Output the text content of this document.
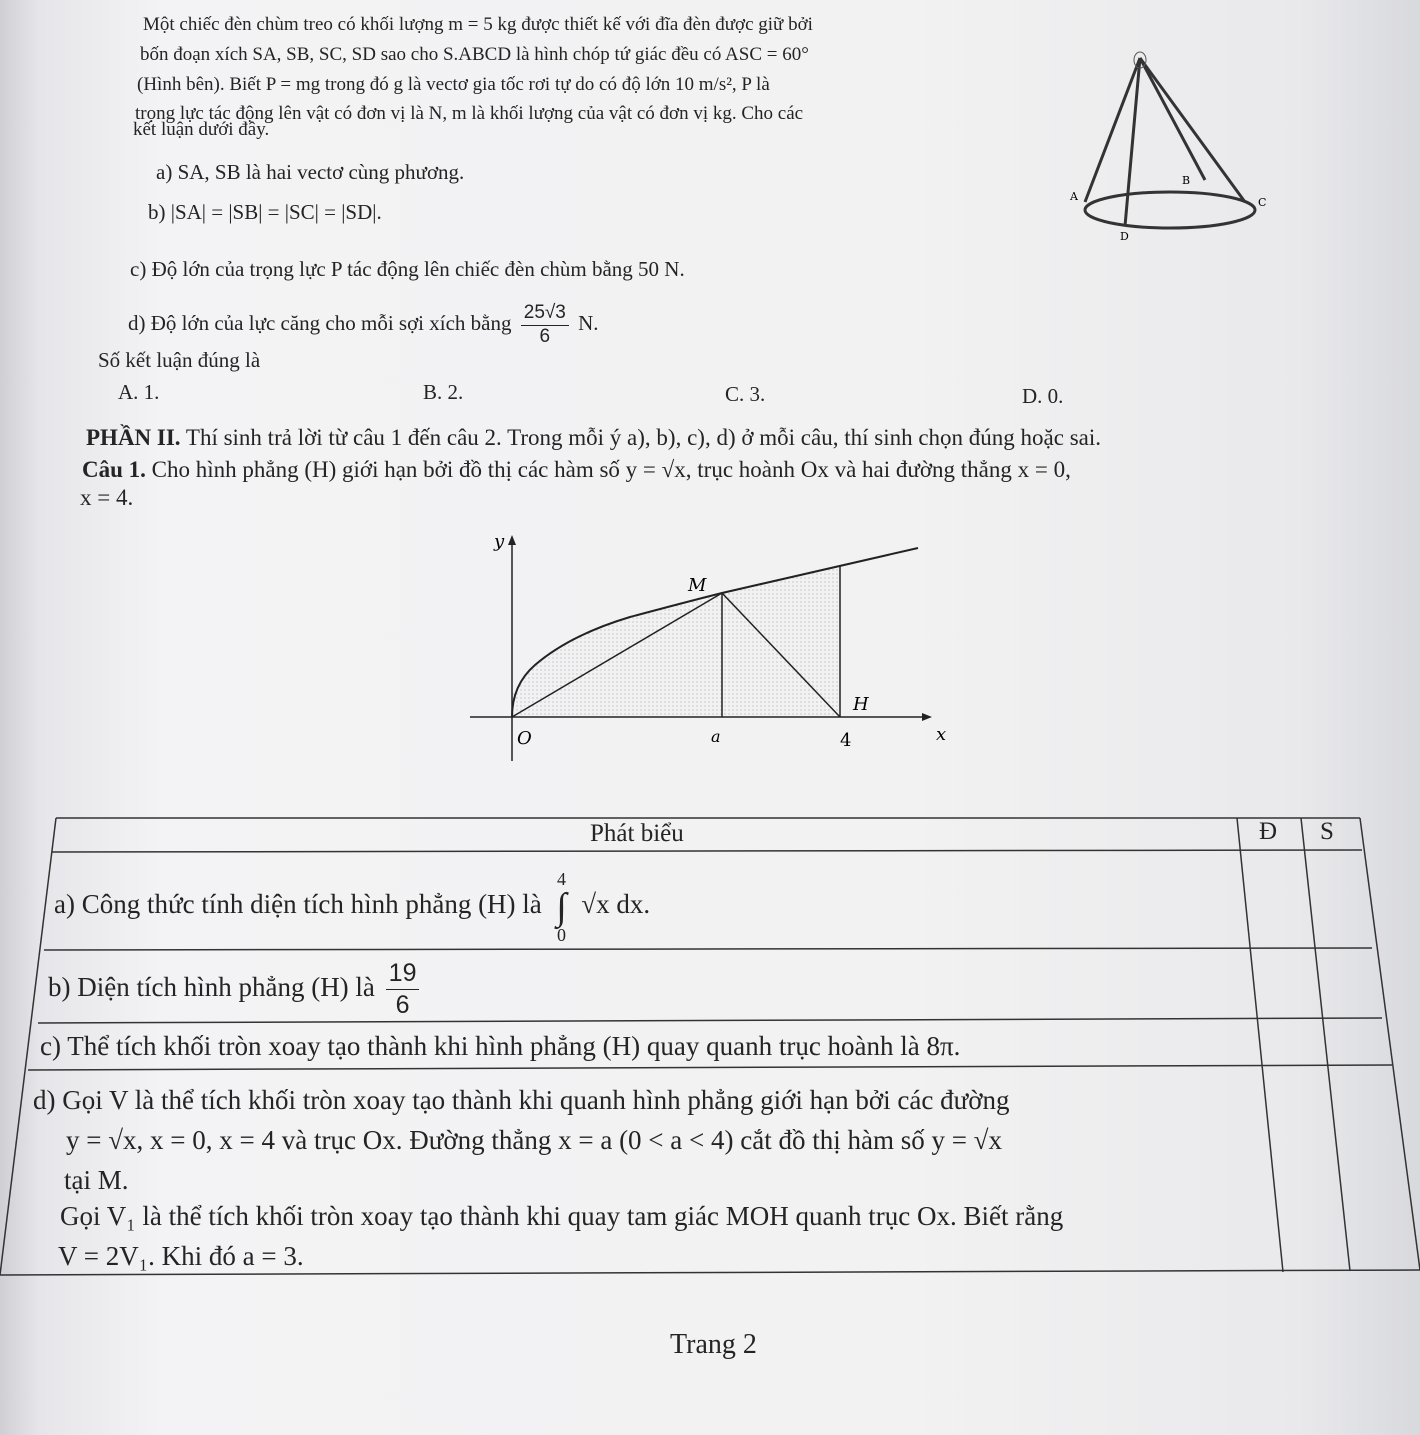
Một chiếc đèn chùm treo có khối lượng m = 5 kg được thiết kế với đĩa đèn được giữ bởi
bốn đoạn xích SA, SB, SC, SD sao cho S.ABCD là hình chóp tứ giác đều có ASC = 60°
(Hình bên). Biết P = mg trong đó g là vectơ gia tốc rơi tự do có độ lớn 10 m/s², P là
trọng lực tác động lên vật có đơn vị là N, m là khối lượng của vật có đơn vị kg. Cho các
kết luận dưới đây.
a) SA, SB là hai vectơ cùng phương.
b) |SA| = |SB| = |SC| = |SD|.
c) Độ lớn của trọng lực P tác động lên chiếc đèn chùm bằng 50 N.
d) Độ lớn của lực căng cho mỗi sợi xích bằng $\frac{25√3}{6} N$.
Số kết luận đúng là
A. 1.	B. 2.	C. 3.	D. 0.
A
B
C
D
PHẦN II. Thí sinh trả lời từ câu 1 đến câu 2. Trong mỗi ý a), b), c), d) ở mỗi câu, thí sinh chọn đúng hoặc sai.
Câu 1. Cho hình phẳng (H) giới hạn bởi đồ thị các hàm số y = √x, trục hoành Ox và hai đường thẳng x = 0,
x = 4.
y
x
O
M
H
a	4
Phát biểu	Đ S
a) Công thức tính diện tích hình phẳng (H) là 4
∫
0 √x dx.
b) Diện tích hình phẳng (H) là $\frac{19}{6}$
c) Thể tích khối tròn xoay tạo thành khi hình phẳng (H) quay quanh trục hoành là 8π.
d) Gọi V là thể tích khối tròn xoay tạo thành khi quanh hình phẳng giới hạn bởi các đường
y = √x, x = 0, x = 4 và trục Ox. Đường thẳng x = a (0 < a < 4) cắt đồ thị hàm số y = √x
tại M.
Gọi V₁ là thể tích khối tròn xoay tạo thành khi quay tam giác MOH quanh trục Ox. Biết rằng
V = 2V₁. Khi đó a = 3.
Trang 2
